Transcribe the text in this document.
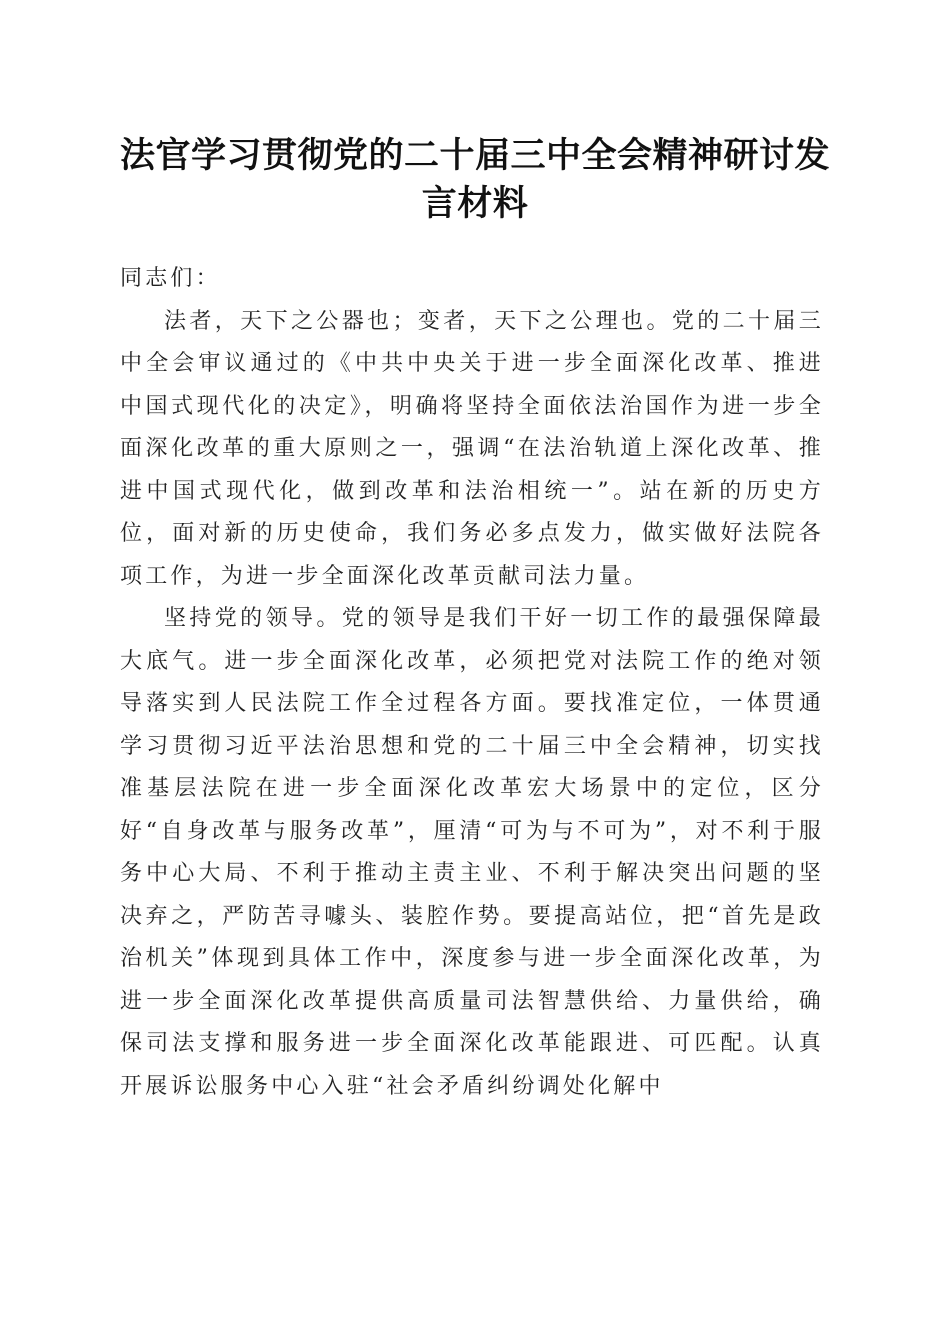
法官学习贯彻党的二十届三中全会精神研讨发言材料

同志们：

法者，天下之公器也；变者，天下之公理也。党的二十届三中全会审议通过的《中共中央关于进一步全面深化改革、推进中国式现代化的决定》，明确将坚持全面依法治国作为进一步全面深化改革的重大原则之一，强调“在法治轨道上深化改革、推进中国式现代化，做到改革和法治相统一”。站在新的历史方位，面对新的历史使命，我们务必多点发力，做实做好法院各项工作，为进一步全面深化改革贡献司法力量。

坚持党的领导。党的领导是我们干好一切工作的最强保障最大底气。进一步全面深化改革，必须把党对法院工作的绝对领导落实到人民法院工作全过程各方面。要找准定位，一体贯通学习贯彻习近平法治思想和党的二十届三中全会精神，切实找准基层法院在进一步全面深化改革宏大场景中的定位，区分好“自身改革与服务改革”，厘清“可为与不可为”，对不利于服务中心大局、不利于推动主责主业、不利于解决突出问题的坚决弃之，严防苦寻噱头、装腔作势。要提高站位，把“首先是政治机关”体现到具体工作中，深度参与进一步全面深化改革，为进一步全面深化改革提供高质量司法智慧供给、力量供给，确保司法支撑和服务进一步全面深化改革能跟进、可匹配。认真开展诉讼服务中心入驻“社会矛盾纠纷调处化解中
